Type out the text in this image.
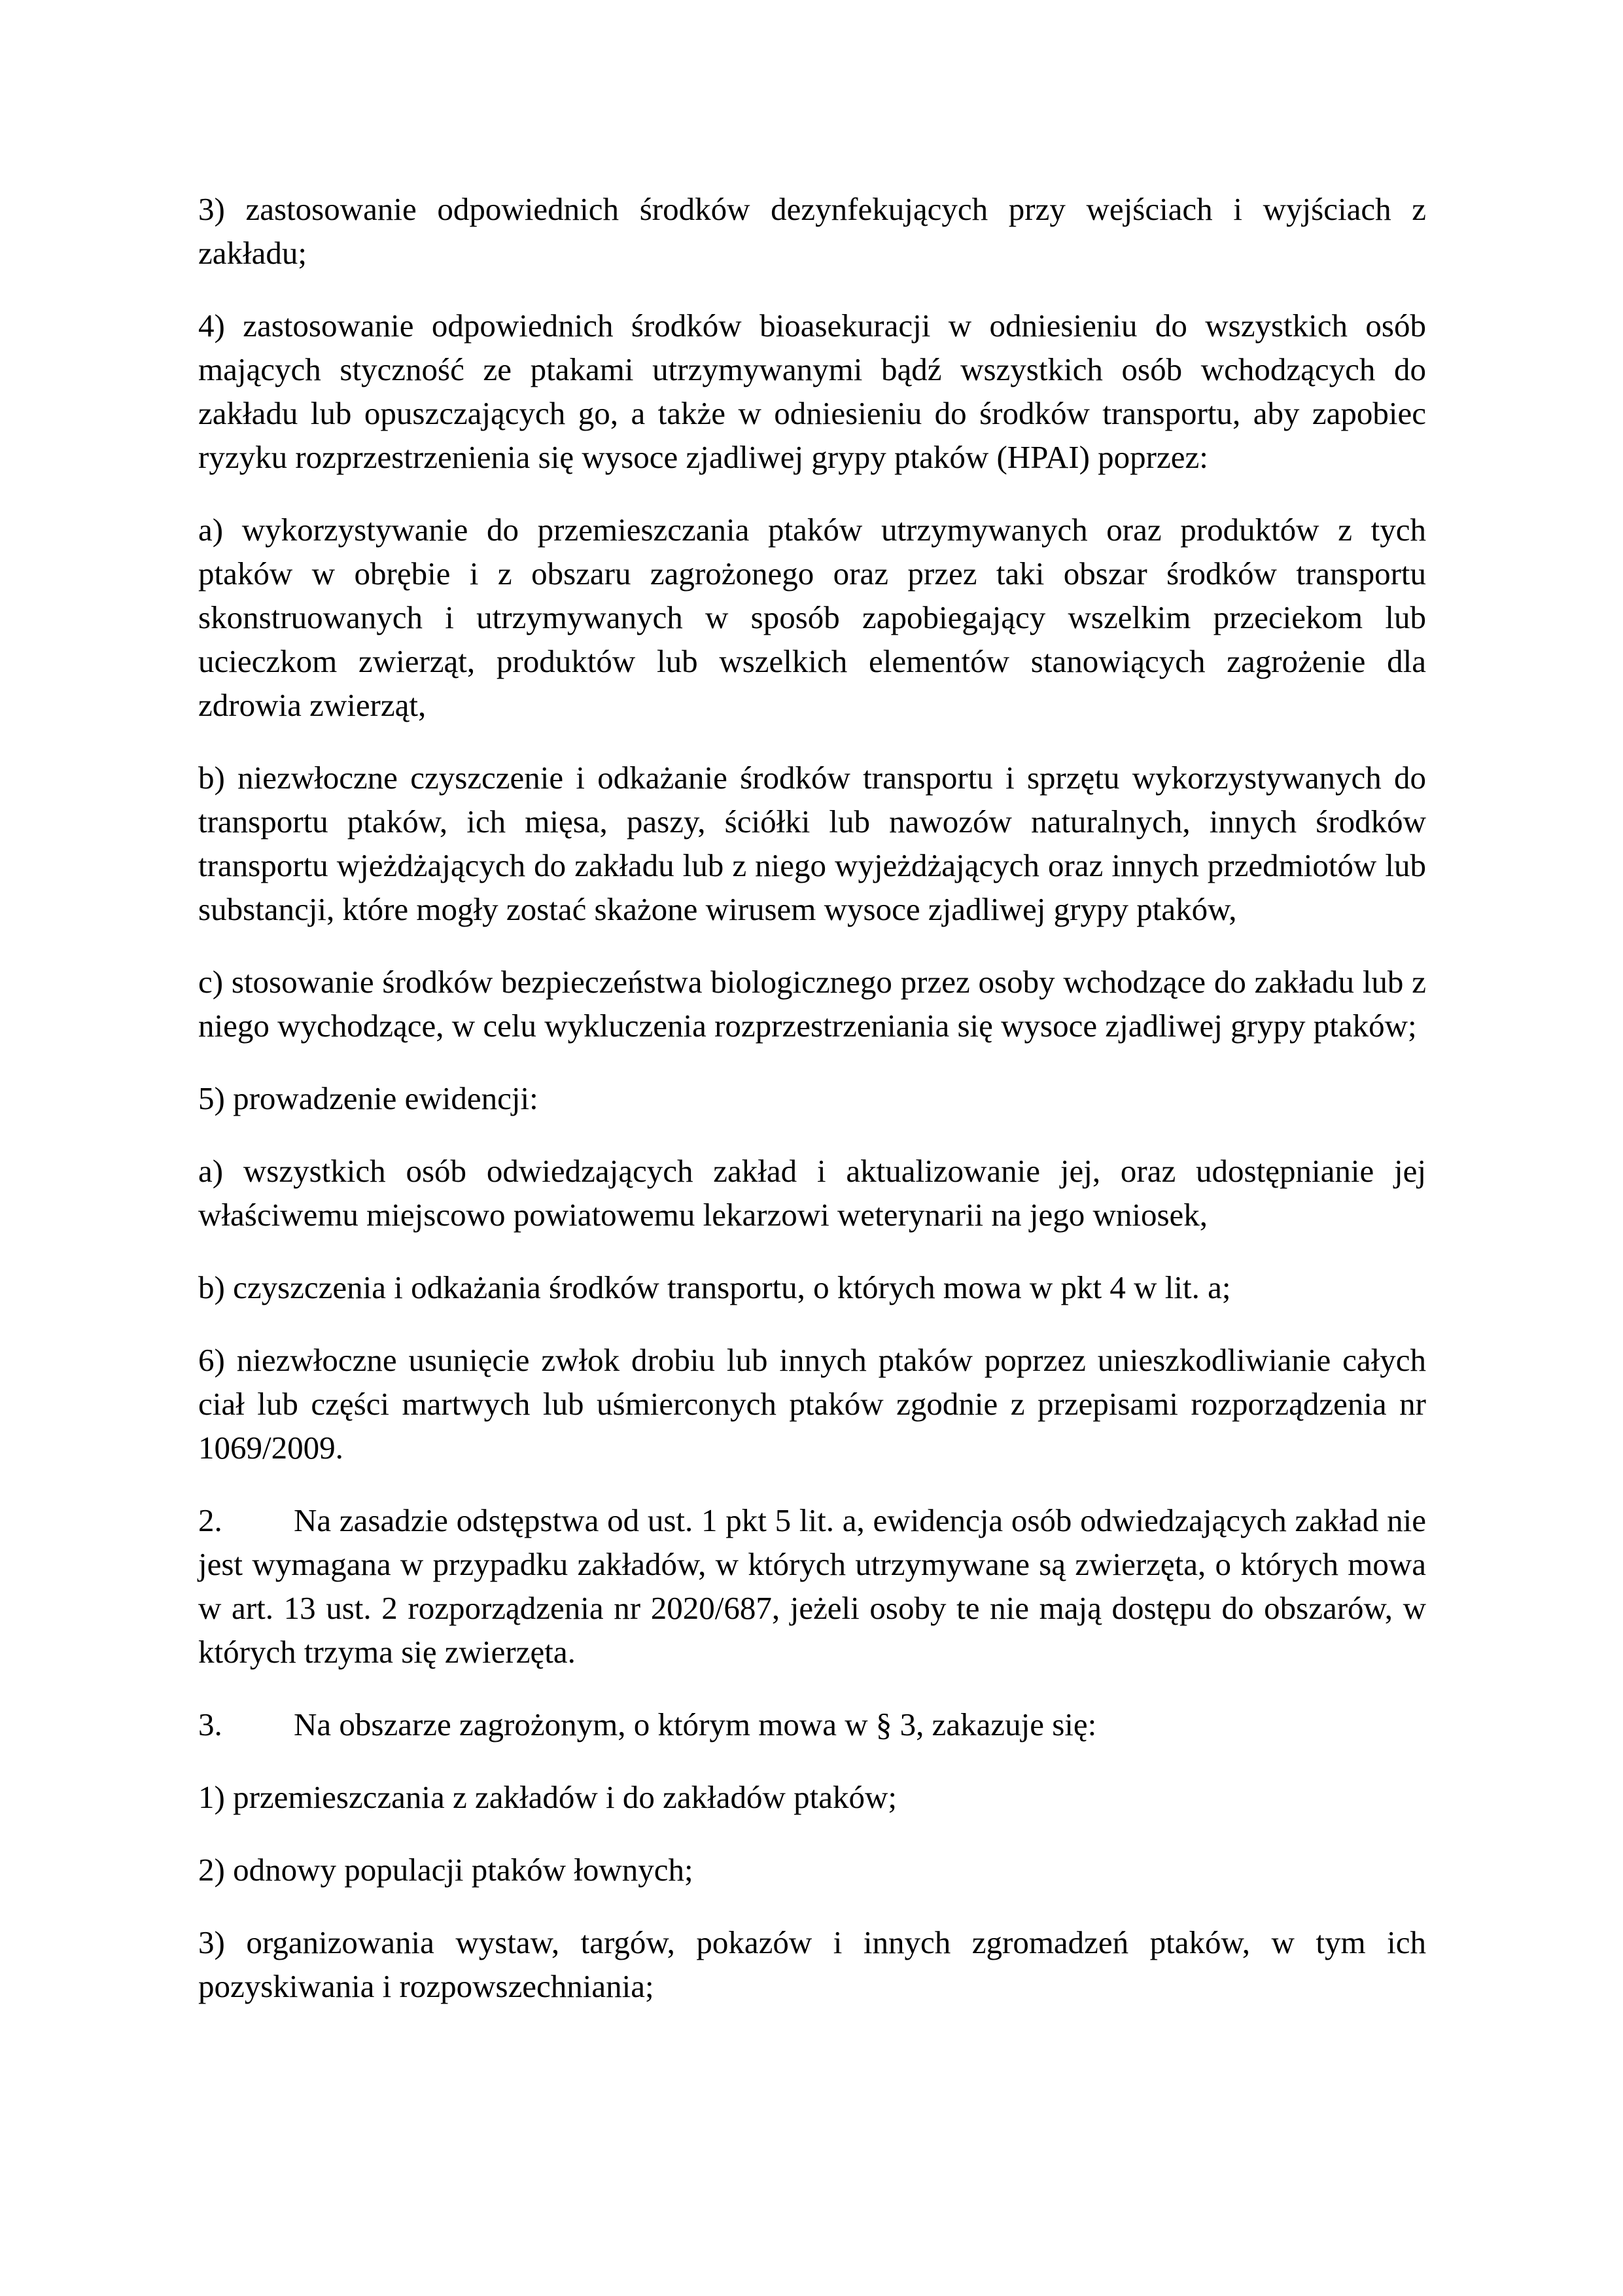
3) zastosowanie odpowiednich środków dezynfekujących przy wejściach i wyjściach z zakładu;

4) zastosowanie odpowiednich środków bioasekuracji w odniesieniu do wszystkich osób mających styczność ze ptakami utrzymywanymi bądź wszystkich osób wchodzących do zakładu lub opuszczających go, a także w odniesieniu do środków transportu, aby zapobiec ryzyku rozprzestrzenienia się wysoce zjadliwej grypy ptaków (HPAI) poprzez:

a) wykorzystywanie do przemieszczania ptaków utrzymywanych oraz produktów z tych ptaków w obrębie i z obszaru zagrożonego oraz przez taki obszar środków transportu skonstruowanych i utrzymywanych w sposób zapobiegający wszelkim przeciekom lub ucieczkom zwierząt, produktów lub wszelkich elementów stanowiących zagrożenie dla zdrowia zwierząt,

b) niezwłoczne czyszczenie i odkażanie środków transportu i sprzętu wykorzystywanych do transportu ptaków, ich mięsa, paszy, ściółki lub nawozów naturalnych, innych środków transportu wjeżdżających do zakładu lub z niego wyjeżdżających oraz innych przedmiotów lub substancji, które mogły zostać skażone wirusem wysoce zjadliwej grypy ptaków,

c) stosowanie środków bezpieczeństwa biologicznego przez osoby wchodzące do zakładu lub z niego wychodzące, w celu wykluczenia rozprzestrzeniania się wysoce zjadliwej grypy ptaków;

5) prowadzenie ewidencji:

a) wszystkich osób odwiedzających zakład i aktualizowanie jej, oraz udostępnianie jej właściwemu miejscowo powiatowemu lekarzowi weterynarii na jego wniosek,

b) czyszczenia i odkażania środków transportu, o których mowa w pkt 4 w lit. a;

6) niezwłoczne usunięcie zwłok drobiu lub innych ptaków poprzez unieszkodliwianie całych ciał lub części martwych lub uśmierconych ptaków zgodnie z przepisami rozporządzenia nr 1069/2009.

2. Na zasadzie odstępstwa od ust. 1 pkt 5 lit. a, ewidencja osób odwiedzających zakład nie jest wymagana w przypadku zakładów, w których utrzymywane są zwierzęta, o których mowa w art. 13 ust. 2 rozporządzenia nr 2020/687, jeżeli osoby te nie mają dostępu do obszarów, w których trzyma się zwierzęta.

3. Na obszarze zagrożonym, o którym mowa w § 3, zakazuje się:

1) przemieszczania z zakładów i do zakładów ptaków;

2) odnowy populacji ptaków łownych;

3) organizowania wystaw, targów, pokazów i innych zgromadzeń ptaków, w tym ich pozyskiwania i rozpowszechniania;
